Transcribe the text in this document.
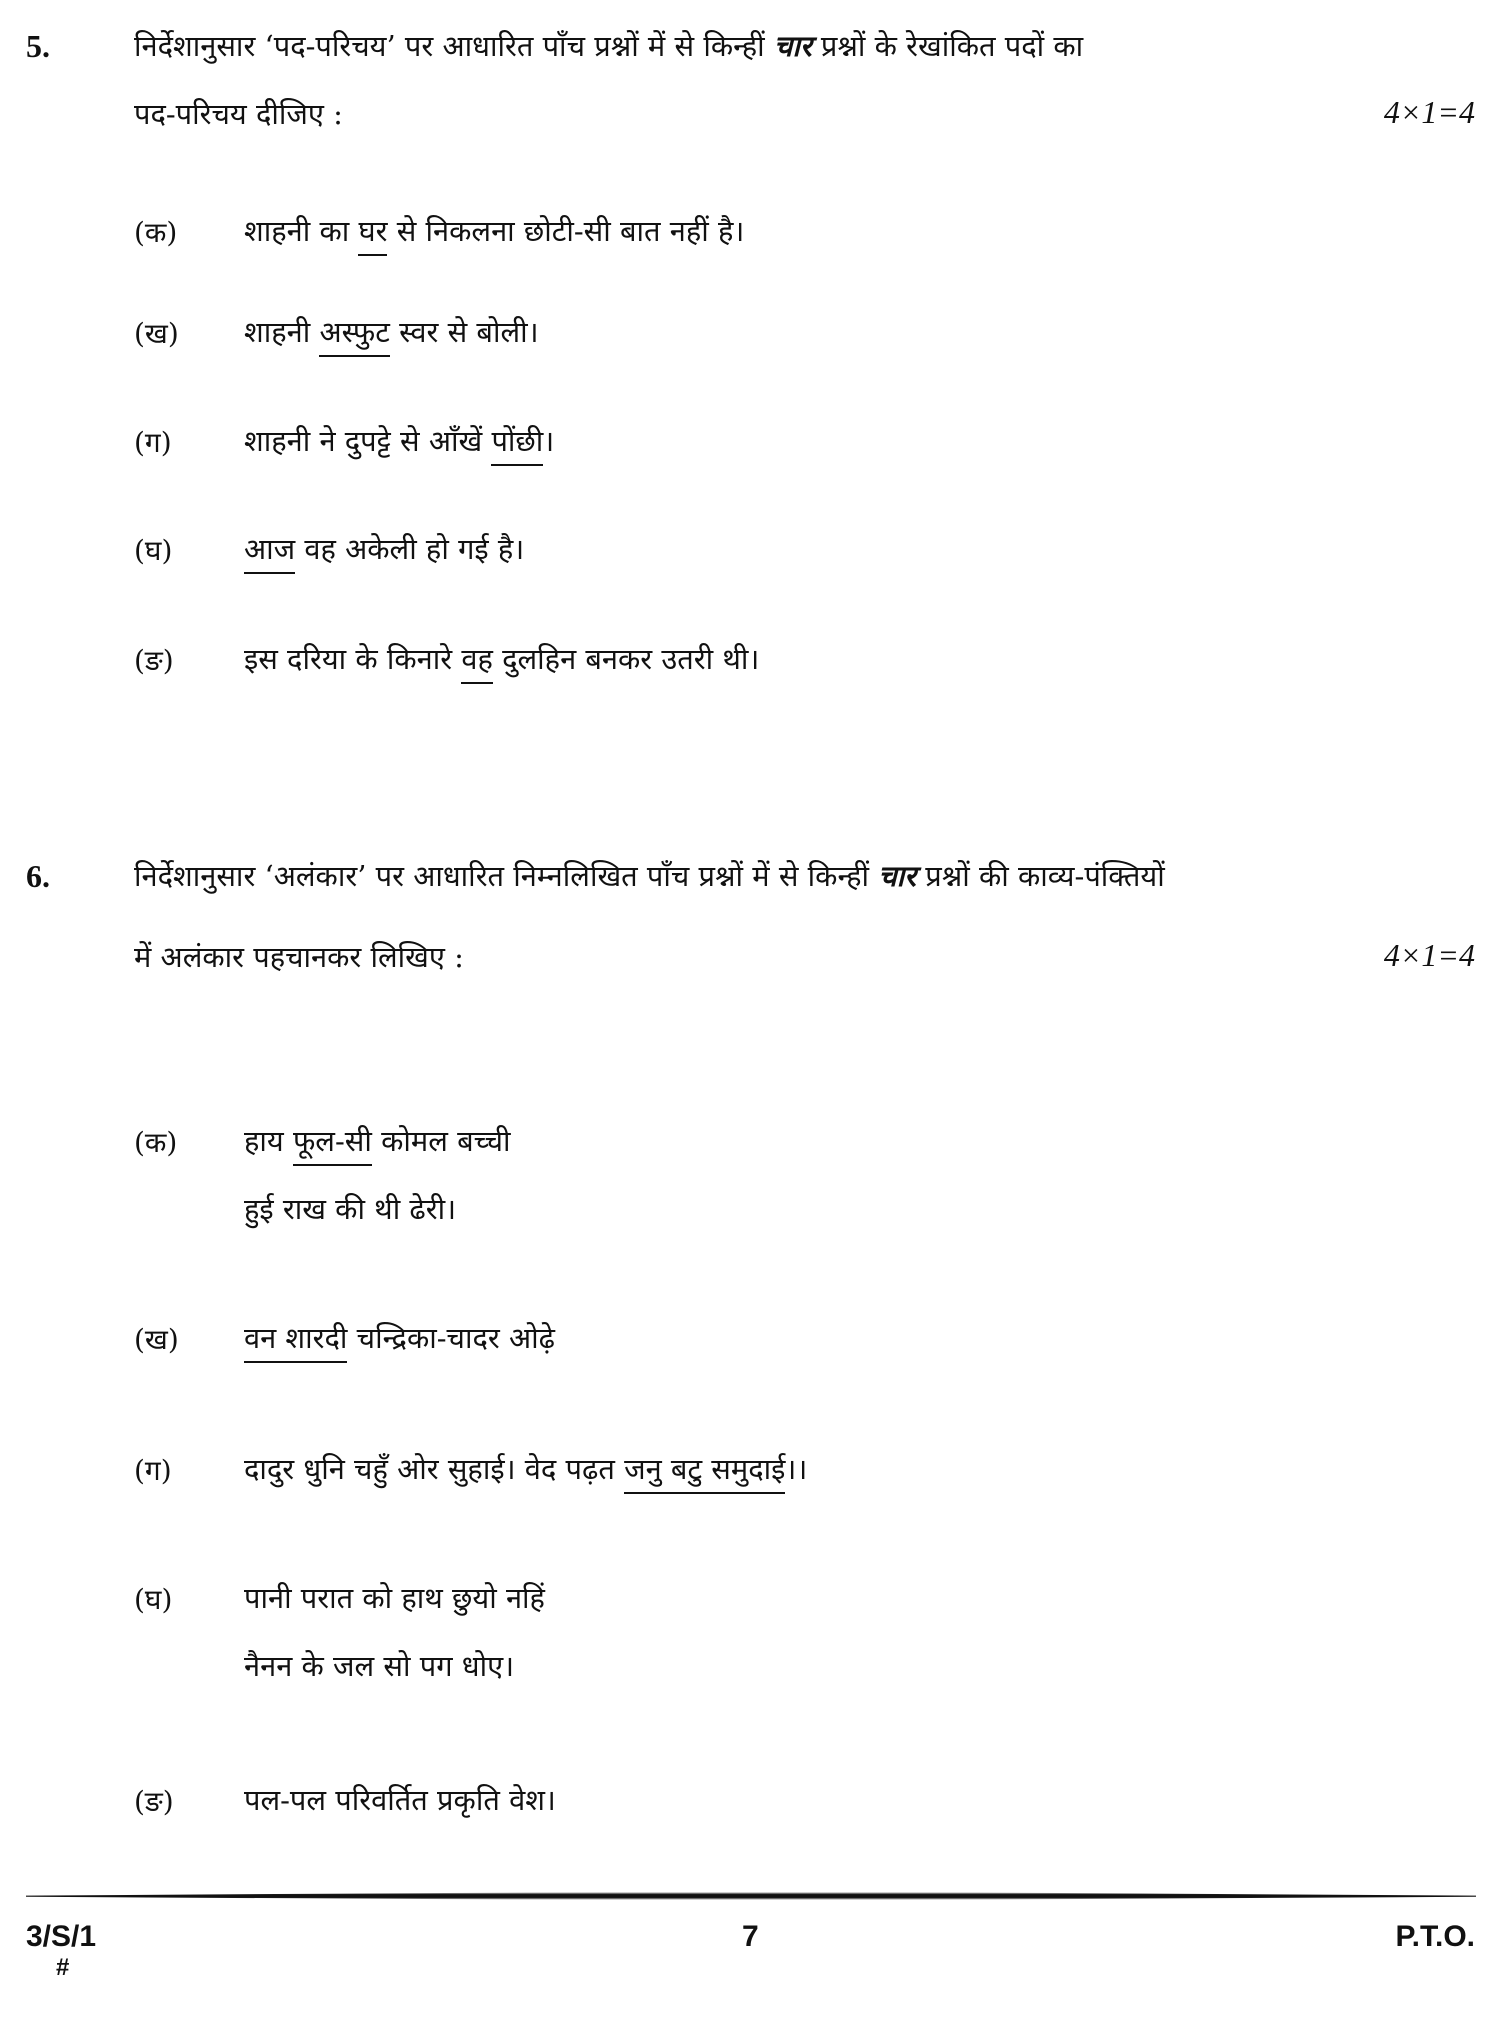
5.	निर्देशानुसार ‘पद-परिचय’ पर आधारित पाँच प्रश्नों में से किन्हीं चार प्रश्नों के रेखांकित पदों का
पद-परिचय दीजिए :	4×1=4
(क) शाहनी का घर से निकलना छोटी-सी बात नहीं है।
(ख) शाहनी अस्फुट स्वर से बोली।
(ग) शाहनी ने दुपट्टे से आँखें पोंछी।
(घ) आज वह अकेली हो गई है।
(ङ) इस दरिया के किनारे वह दुलहिन बनकर उतरी थी।
6.	निर्देशानुसार ‘अलंकार’ पर आधारित निम्नलिखित पाँच प्रश्नों में से किन्हीं चार प्रश्नों की काव्य-पंक्तियों
में अलंकार पहचानकर लिखिए :	4×1=4
(क) हाय फूल-सी कोमल बच्ची
हुई राख की थी ढेरी।
(ख) वन शारदी चन्द्रिका-चादर ओढ़े
(ग) दादुर धुनि चहुँ ओर सुहाई। वेद पढ़त जनु बटु समुदाई।।
(घ) पानी परात को हाथ छुयो नहिं
नैनन के जल सो पग धोए।
(ङ) पल-पल परिवर्तित प्रकृति वेश।
3/S/1	7	P.T.O.
#
